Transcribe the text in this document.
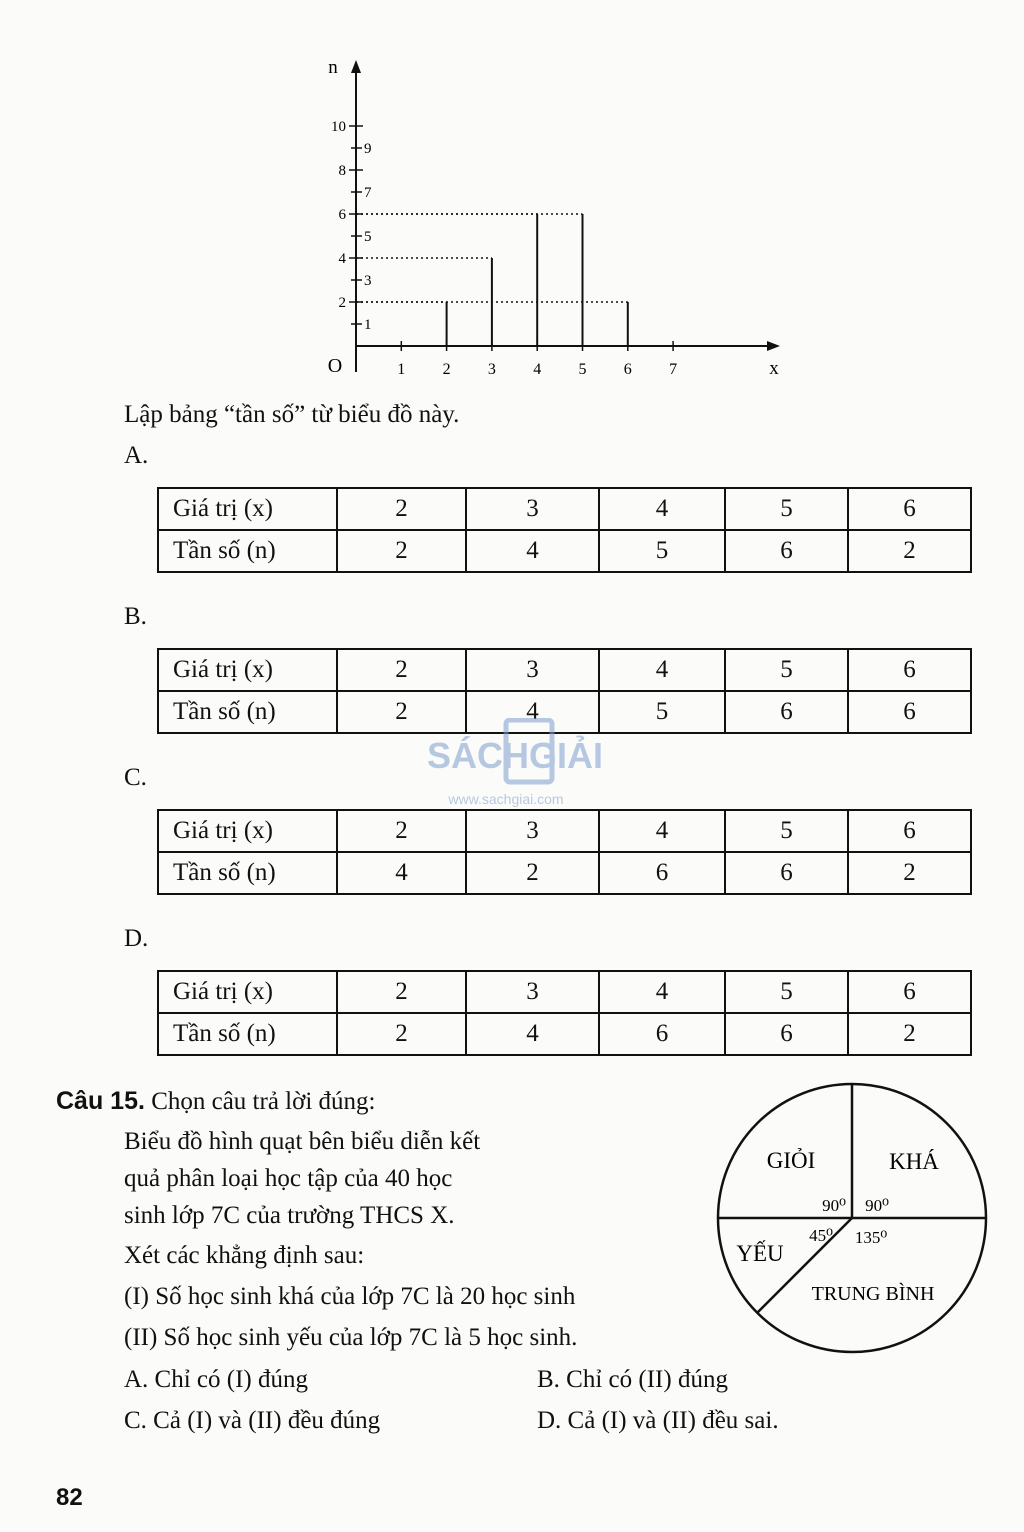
x
n
O	1 2 3 4 5 6 7
2
4
6
8
10
1
3
5
7
9
Lập bảng “tần số” từ biểu đồ này.
A.
Giá trị (x)	2	3	4	5	6
Tần số (n)	2	4	5	6	2
B.
Giá trị (x)	2	3	4	5	6
Tần số (n)	2	4	5	6	6
C.
Giá trị (x)	2	3	4	5	6
Tần số (n)	4	2	6	6	2
D.
Giá trị (x)	2	3	4	5	6
Tần số (n)	2	4	6	6	2
SÁCHGIẢI
www.sachgiai.com
Câu 15. Chọn câu trả lời đúng:
Biểu đồ hình quạt bên biểu diễn kết
quả phân loại học tập của 40 học
sinh lớp 7C của trường THCS X.
Xét các khẳng định sau:
(I) Số học sinh khá của lớp 7C là 20 học sinh
(II) Số học sinh yếu của lớp 7C là 5 học sinh.
GIỎI	KHÁ
TRUNG BÌNH
YẾU
90⁰ 90⁰
135⁰
45⁰
A. Chỉ có (I) đúng	B. Chỉ có (II) đúng
C. Cả (I) và (II) đều đúng	D. Cả (I) và (II) đều sai.
82
